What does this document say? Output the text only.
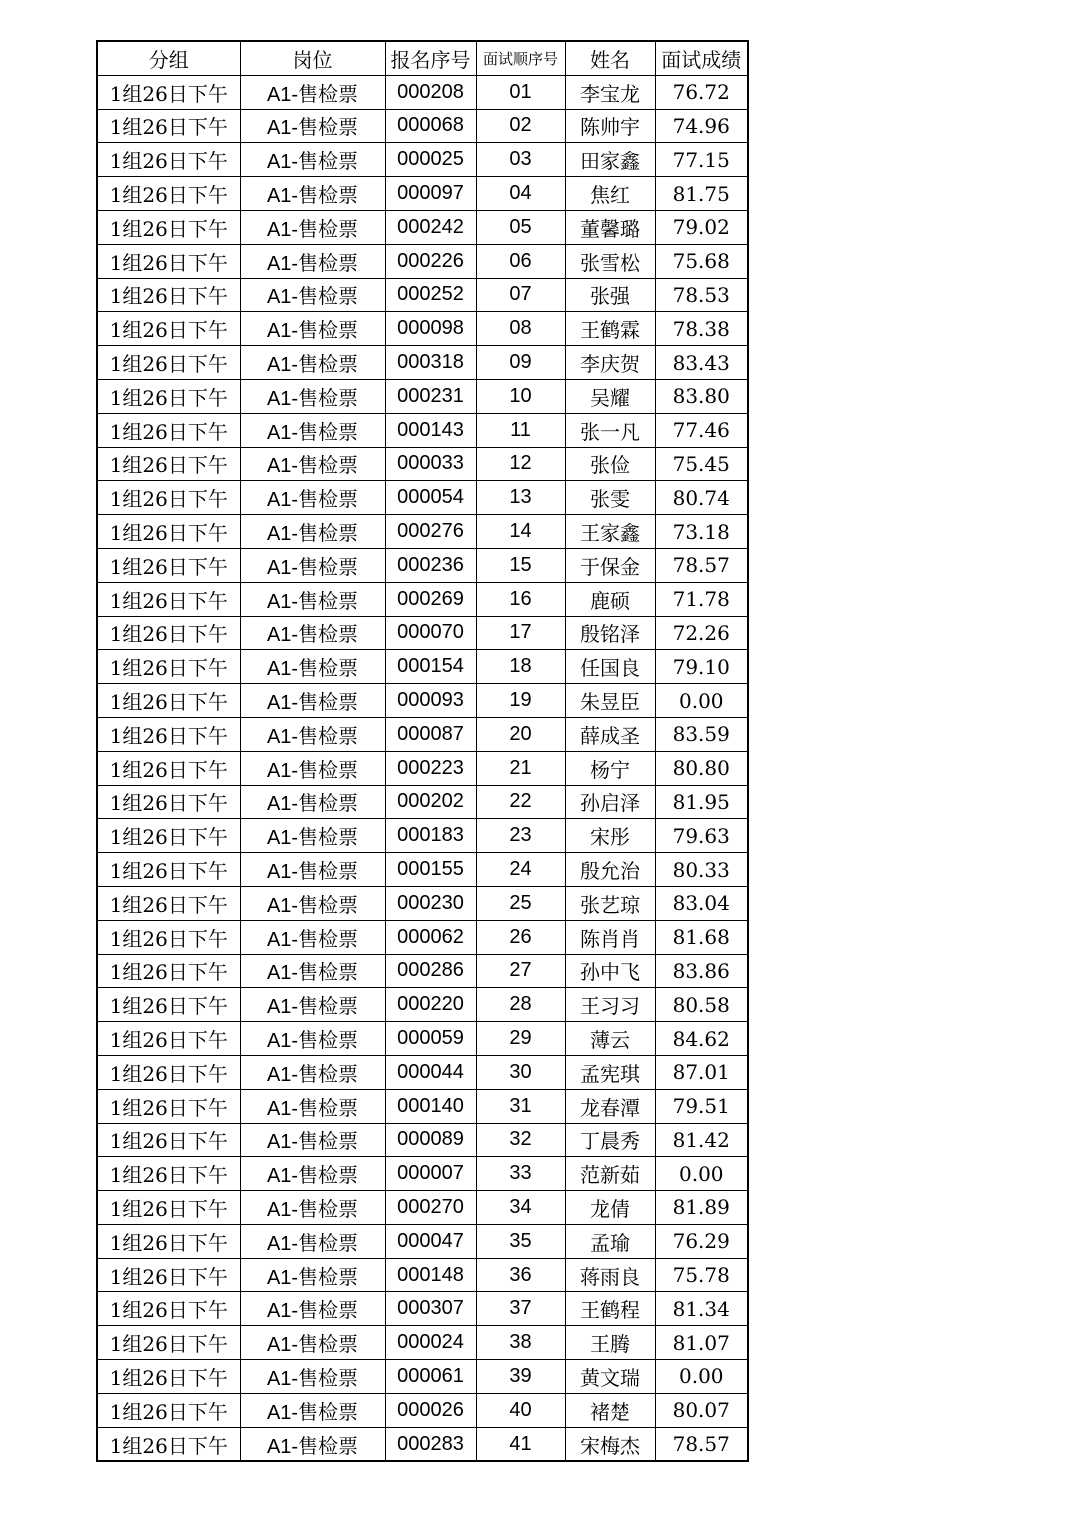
分组	岗位	报名序号	面试顺序号	姓名	面试成绩
1组26日下午	A1-售检票	000208	01	李宝龙	76.72
1组26日下午	A1-售检票	000068	02	陈帅宇	74.96
1组26日下午	A1-售检票	000025	03	田家鑫	77.15
1组26日下午	A1-售检票	000097	04	焦红	81.75
1组26日下午	A1-售检票	000242	05	董馨璐	79.02
1组26日下午	A1-售检票	000226	06	张雪松	75.68
1组26日下午	A1-售检票	000252	07	张强	78.53
1组26日下午	A1-售检票	000098	08	王鹤霖	78.38
1组26日下午	A1-售检票	000318	09	李庆贺	83.43
1组26日下午	A1-售检票	000231	10	吴耀	83.80
1组26日下午	A1-售检票	000143	11	张一凡	77.46
1组26日下午	A1-售检票	000033	12	张俭	75.45
1组26日下午	A1-售检票	000054	13	张雯	80.74
1组26日下午	A1-售检票	000276	14	王家鑫	73.18
1组26日下午	A1-售检票	000236	15	于保金	78.57
1组26日下午	A1-售检票	000269	16	鹿硕	71.78
1组26日下午	A1-售检票	000070	17	殷铭泽	72.26
1组26日下午	A1-售检票	000154	18	任国良	79.10
1组26日下午	A1-售检票	000093	19	朱昱臣	0.00
1组26日下午	A1-售检票	000087	20	薛成圣	83.59
1组26日下午	A1-售检票	000223	21	杨宁	80.80
1组26日下午	A1-售检票	000202	22	孙启泽	81.95
1组26日下午	A1-售检票	000183	23	宋彤	79.63
1组26日下午	A1-售检票	000155	24	殷允治	80.33
1组26日下午	A1-售检票	000230	25	张艺琼	83.04
1组26日下午	A1-售检票	000062	26	陈肖肖	81.68
1组26日下午	A1-售检票	000286	27	孙中飞	83.86
1组26日下午	A1-售检票	000220	28	王习习	80.58
1组26日下午	A1-售检票	000059	29	薄云	84.62
1组26日下午	A1-售检票	000044	30	孟宪琪	87.01
1组26日下午	A1-售检票	000140	31	龙春潭	79.51
1组26日下午	A1-售检票	000089	32	丁晨秀	81.42
1组26日下午	A1-售检票	000007	33	范新茹	0.00
1组26日下午	A1-售检票	000270	34	龙倩	81.89
1组26日下午	A1-售检票	000047	35	孟瑜	76.29
1组26日下午	A1-售检票	000148	36	蒋雨良	75.78
1组26日下午	A1-售检票	000307	37	王鹤程	81.34
1组26日下午	A1-售检票	000024	38	王腾	81.07
1组26日下午	A1-售检票	000061	39	黄文瑞	0.00
1组26日下午	A1-售检票	000026	40	褚楚	80.07
1组26日下午	A1-售检票	000283	41	宋梅杰	78.57
